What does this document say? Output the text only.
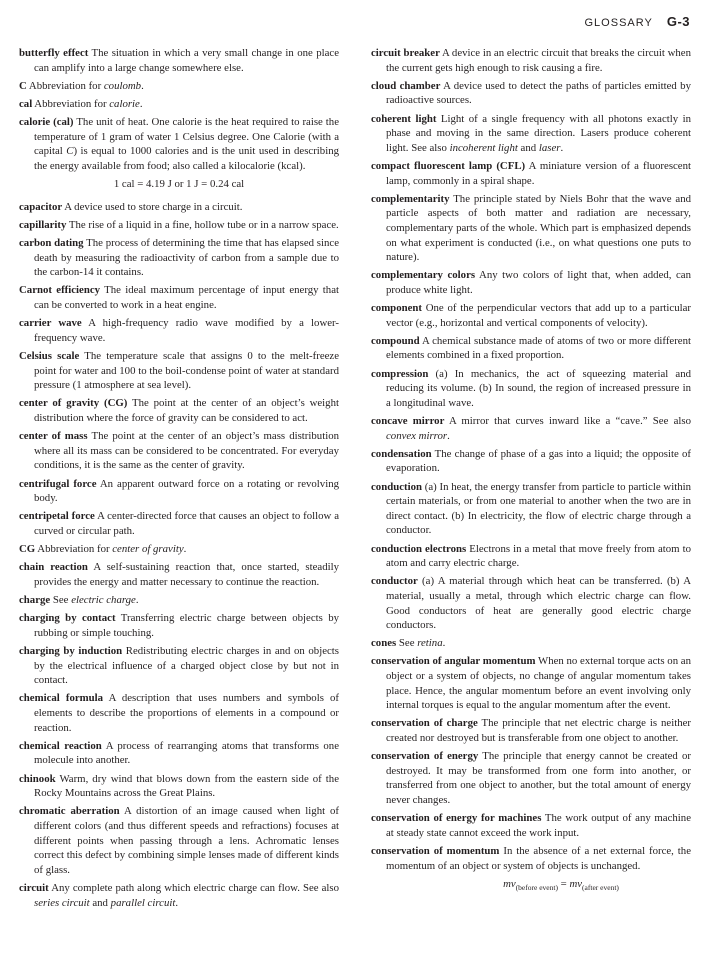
GLOSSARY G-3

butterfly effect The situation in which a very small change in one place can amplify into a large change somewhere else.

C Abbreviation for coulomb.

cal Abbreviation for calorie.

calorie (cal) The unit of heat. One calorie is the heat required to raise the temperature of 1 gram of water 1 Celsius degree. One Calorie (with a capital C) is equal to 1000 calories and is the unit used in describing the energy available from food; also called a kilocalorie (kcal).

1 cal = 4.19 J or 1 J = 0.24 cal

capacitor A device used to store charge in a circuit.

capillarity The rise of a liquid in a fine, hollow tube or in a narrow space.

carbon dating The process of determining the time that has elapsed since death by measuring the radioactivity of carbon from a sample due to the carbon-14 it contains.

Carnot efficiency The ideal maximum percentage of input energy that can be converted to work in a heat engine.

carrier wave A high-frequency radio wave modified by a lower-frequency wave.

Celsius scale The temperature scale that assigns 0 to the melt-freeze point for water and 100 to the boil-condense point of water at standard pressure (1 atmosphere at sea level).

center of gravity (CG) The point at the center of an object’s weight distribution where the force of gravity can be considered to act.

center of mass The point at the center of an object’s mass distribution where all its mass can be considered to be concentrated. For everyday conditions, it is the same as the center of gravity.

centrifugal force An apparent outward force on a rotating or revolving body.

centripetal force A center-directed force that causes an object to follow a curved or circular path.

CG Abbreviation for center of gravity.

chain reaction A self-sustaining reaction that, once started, steadily provides the energy and matter necessary to continue the reaction.

charge See electric charge.

charging by contact Transferring electric charge between objects by rubbing or simple touching.

charging by induction Redistributing electric charges in and on objects by the electrical influence of a charged object close by but not in contact.

chemical formula A description that uses numbers and symbols of elements to describe the proportions of elements in a compound or reaction.

chemical reaction A process of rearranging atoms that transforms one molecule into another.

chinook Warm, dry wind that blows down from the eastern side of the Rocky Mountains across the Great Plains.

chromatic aberration A distortion of an image caused when light of different colors (and thus different speeds and refractions) focuses at different points when passing through a lens. Achromatic lenses correct this defect by combining simple lenses made of different kinds of glass.

circuit Any complete path along which electric charge can flow. See also series circuit and parallel circuit.

circuit breaker A device in an electric circuit that breaks the circuit when the current gets high enough to risk causing a fire.

cloud chamber A device used to detect the paths of particles emitted by radioactive sources.

coherent light Light of a single frequency with all photons exactly in phase and moving in the same direction. Lasers produce coherent light. See also incoherent light and laser.

compact fluorescent lamp (CFL) A miniature version of a fluorescent lamp, commonly in a spiral shape.

complementarity The principle stated by Niels Bohr that the wave and particle aspects of both matter and radiation are necessary, complementary parts of the whole. Which part is emphasized depends on what experiment is conducted (i.e., on what questions one puts to nature).

complementary colors Any two colors of light that, when added, can produce white light.

component One of the perpendicular vectors that add up to a particular vector (e.g., horizontal and vertical components of velocity).

compound A chemical substance made of atoms of two or more different elements combined in a fixed proportion.

compression (a) In mechanics, the act of squeezing material and reducing its volume. (b) In sound, the region of increased pressure in a longitudinal wave.

concave mirror A mirror that curves inward like a “cave.” See also convex mirror.

condensation The change of phase of a gas into a liquid; the opposite of evaporation.

conduction (a) In heat, the energy transfer from particle to particle within certain materials, or from one material to another when the two are in direct contact. (b) In electricity, the flow of electric charge through a conductor.

conduction electrons Electrons in a metal that move freely from atom to atom and carry electric charge.

conductor (a) A material through which heat can be transferred. (b) A material, usually a metal, through which electric charge can flow. Good conductors of heat are generally good electric charge conductors.

cones See retina.

conservation of angular momentum When no external torque acts on an object or a system of objects, no change of angular momentum takes place. Hence, the angular momentum before an event involving only internal torques is equal to the angular momentum after the event.

conservation of charge The principle that net electric charge is neither created nor destroyed but is transferable from one object to another.

conservation of energy The principle that energy cannot be created or destroyed. It may be transformed from one form into another, or transferred from one object to another, but the total amount of energy never changes.

conservation of energy for machines The work output of any machine at steady state cannot exceed the work input.

conservation of momentum In the absence of a net external force, the momentum of an object or system of objects is unchanged.

$mv_{(before event)} = mv_{(after event)}$
